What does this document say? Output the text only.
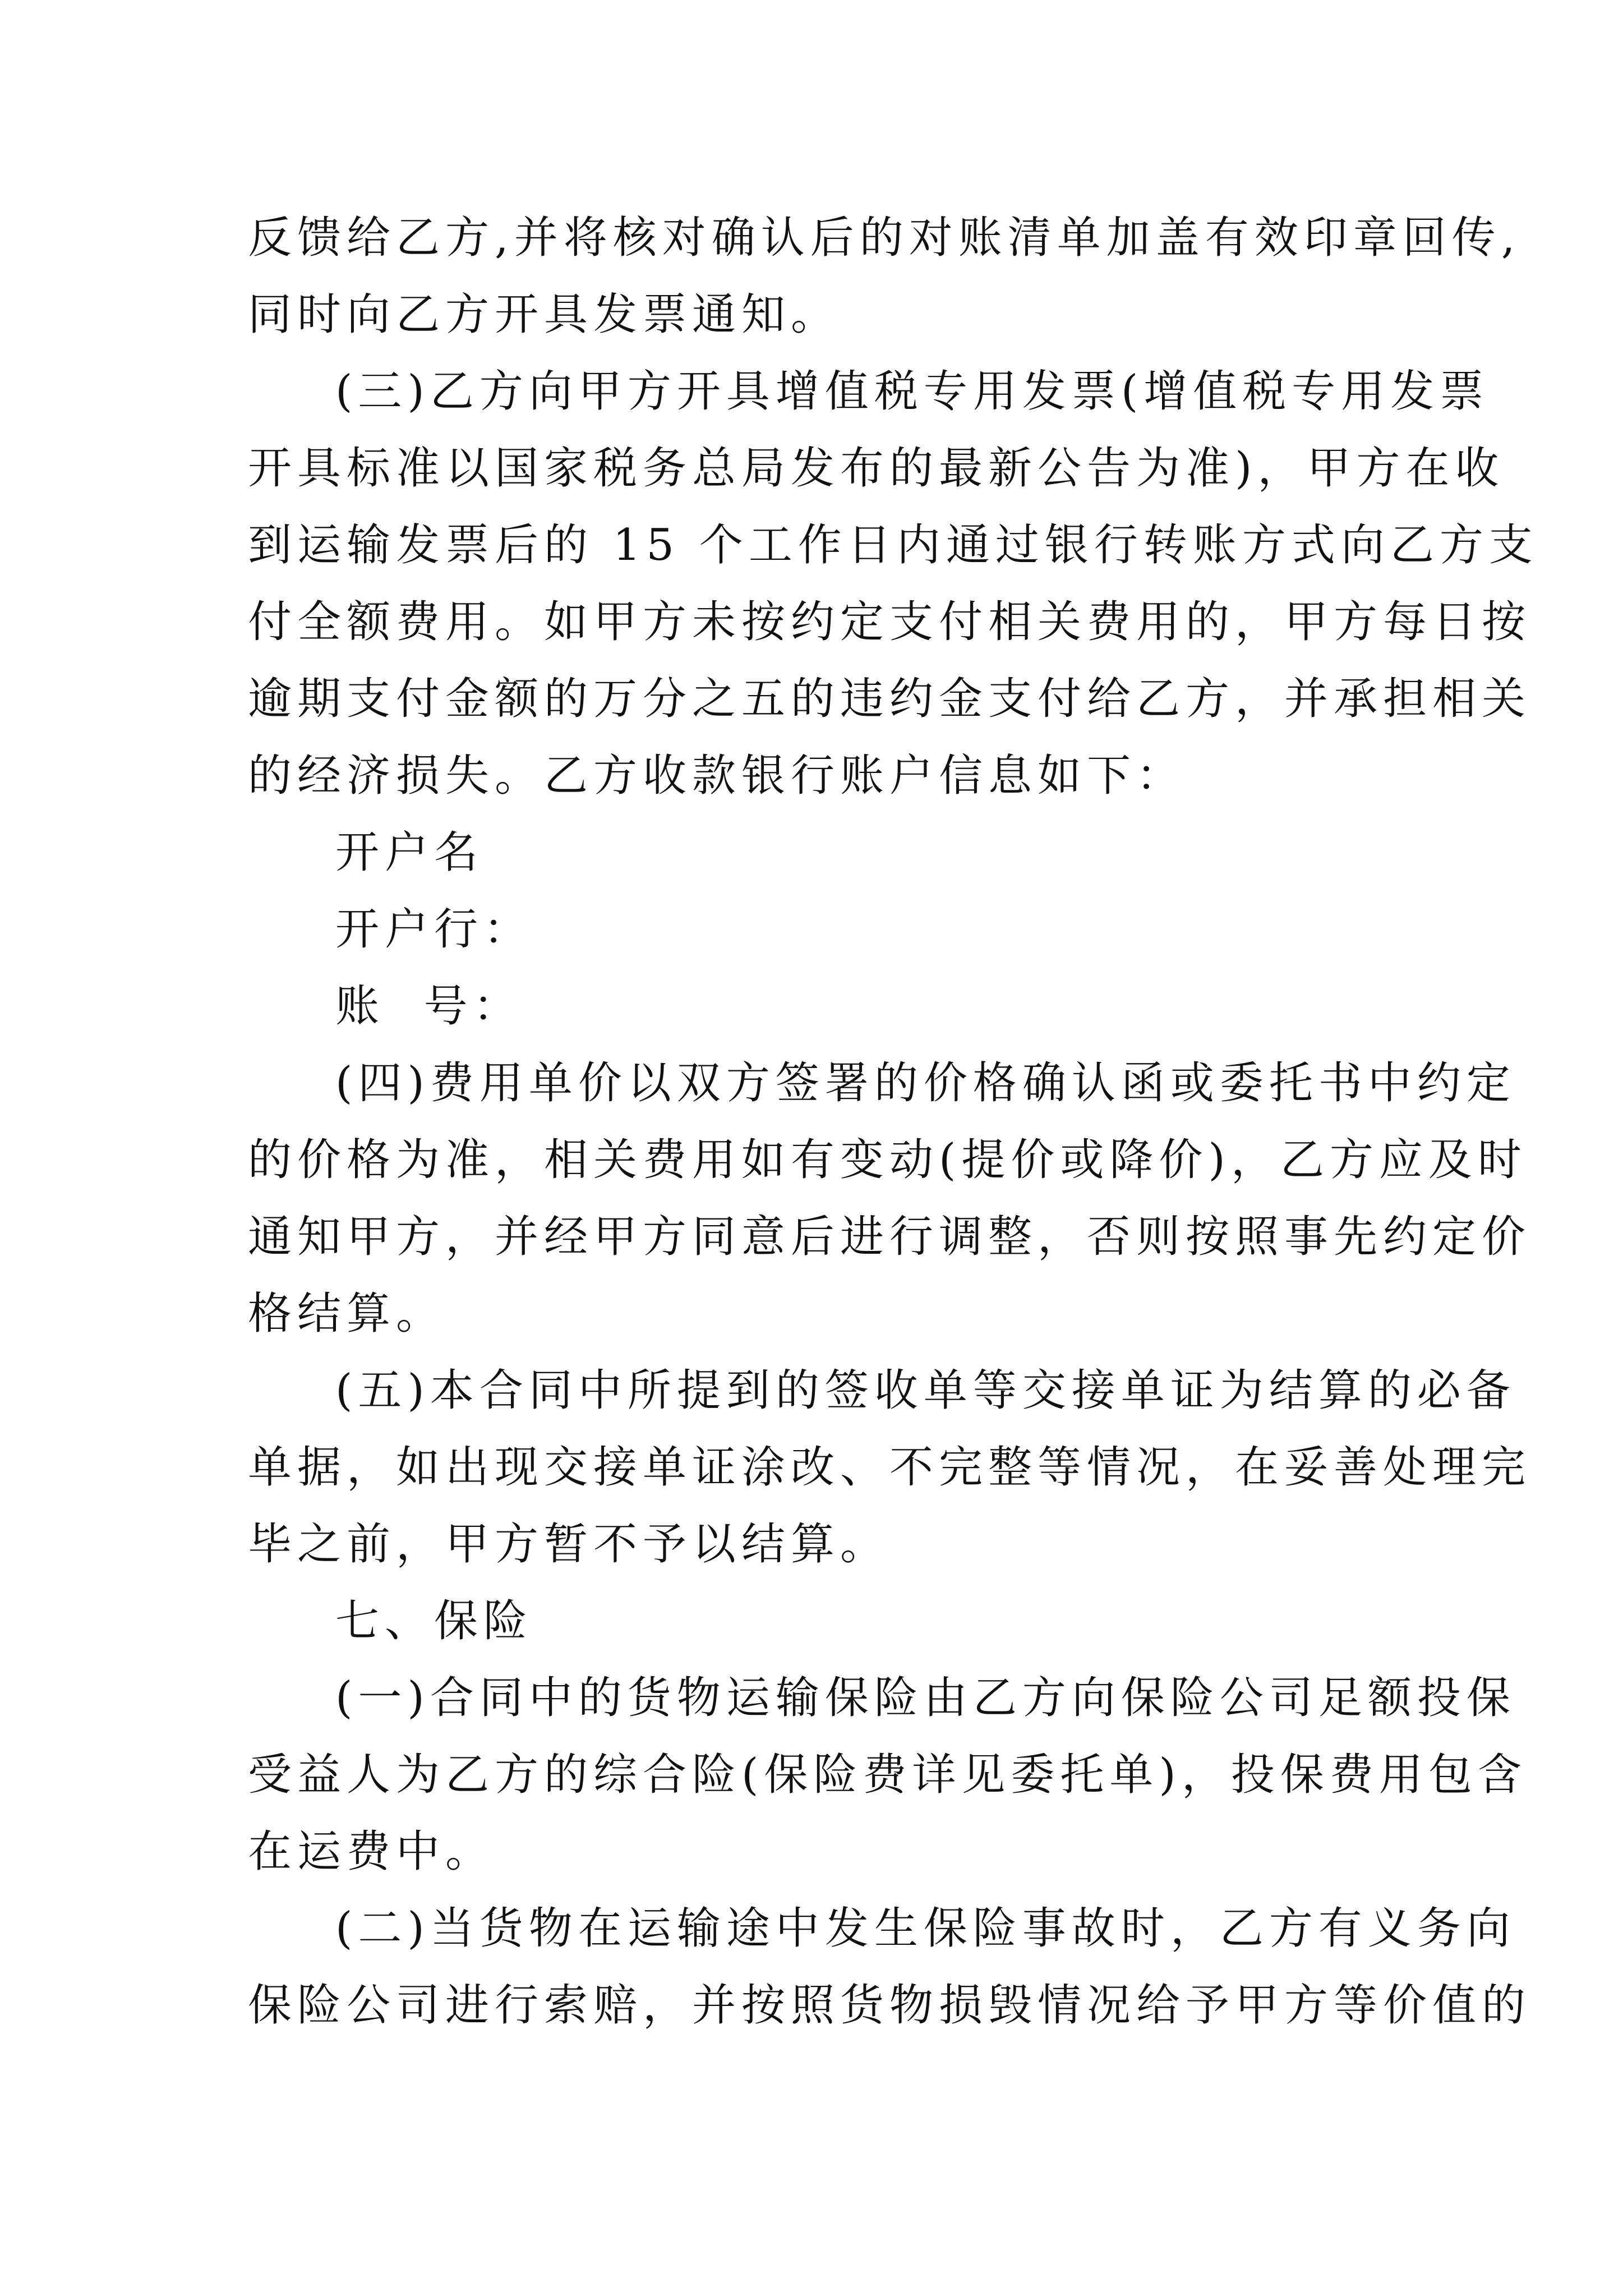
反馈给乙方,并将核对确认后的对账清单加盖有效印章回传,
同时向乙方开具发票通知。

(三)乙方向甲方开具增值税专用发票(增值税专用发票
开具标准以国家税务总局发布的最新公告为准)，甲方在收
到运输发票后的 15 个工作日内通过银行转账方式向乙方支
付全额费用。如甲方未按约定支付相关费用的，甲方每日按
逾期支付金额的万分之五的违约金支付给乙方，并承担相关
的经济损失。乙方收款银行账户信息如下：

开户名

开户行：

账  号：

(四)费用单价以双方签署的价格确认函或委托书中约定
的价格为准，相关费用如有变动(提价或降价)，乙方应及时
通知甲方，并经甲方同意后进行调整，否则按照事先约定价
格结算。

(五)本合同中所提到的签收单等交接单证为结算的必备
单据，如出现交接单证涂改、不完整等情况，在妥善处理完
毕之前，甲方暂不予以结算。

七、保险

(一)合同中的货物运输保险由乙方向保险公司足额投保
受益人为乙方的综合险(保险费详见委托单)，投保费用包含
在运费中。

(二)当货物在运输途中发生保险事故时，乙方有义务向
保险公司进行索赔，并按照货物损毁情况给予甲方等价值的
